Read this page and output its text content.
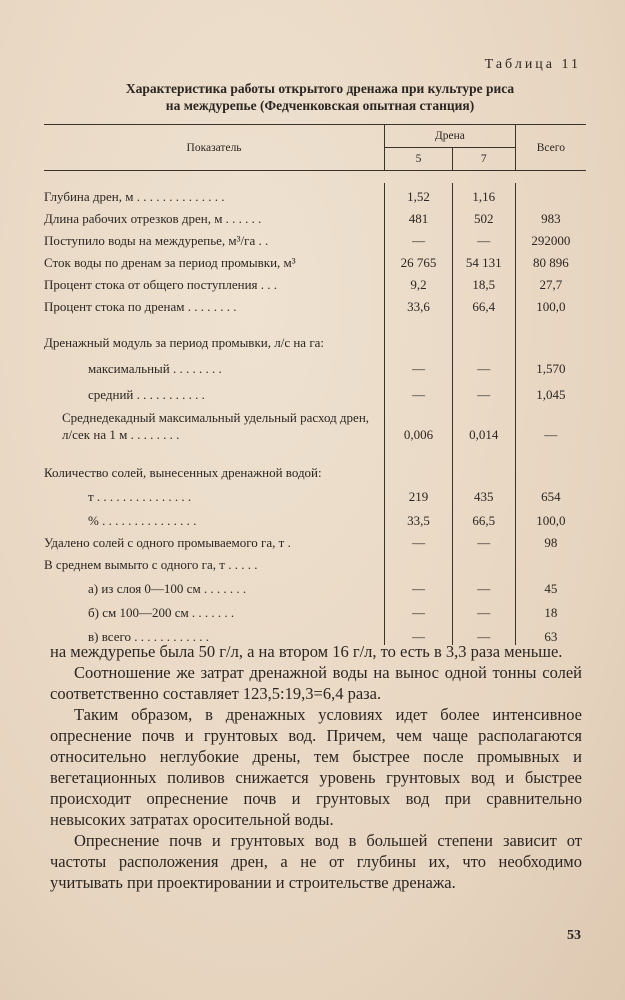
Таблица 11
Характеристика работы открытого дренажа при культуре риса
на междурепье (Федченковская опытная станция)
Показатель	Дрена		Всего
	5	7	

Глубина дрен, м . . . . . . . . . . . . . .	1,52	1,16	
Длина рабочих отрезков дрен, м . . . . . .	481	502	983
Поступило воды на междурепье, м³/га . .	—	—	292000
Сток воды по дренам за период промывки, м³	26 765	54 131	80 896
Процент стока от общего поступления . . .	9,2	18,5	27,7
Процент стока по дренам . . . . . . . .	33,6	66,4	100,0
Дренажный модуль за период промывки, л/с на га:			
максимальный . . . . . . . .	—	—	1,570
средний . . . . . . . . . . .	—	—	1,045
Среднедекадный максимальный удельный расход дрен, л/сек на 1 м . . . . . . . .	0,006	0,014	—
Количество солей, вынесенных дренажной водой:			
т . . . . . . . . . . . . . . .	219	435	654
% . . . . . . . . . . . . . . .	33,5	66,5	100,0
Удалено солей с одного промываемого га, т .	—	—	98
В среднем вымыто с одного га, т . . . . .			
а) из слоя 0—100 см . . . . . . .	—	—	45
б) см 100—200 см . . . . . . .	—	—	18
в) всего . . . . . . . . . . . .	—	—	63

на междурепье была 50 г/л, а на втором 16 г/л, то есть в 3,3 раза меньше.

Соотношение же затрат дренажной воды на вынос одной тонны солей соответственно составляет 123,5:19,3=6,4 раза.

Таким образом, в дренажных условиях идет более интенсивное опреснение почв и грунтовых вод. Причем, чем чаще располагаются относительно неглубокие дрены, тем быстрее после промывных и вегетационных поливов снижается уровень грунтовых вод и быстрее происходит опреснение почв и грунтовых вод при сравнительно невысоких затратах оросительной воды.

Опреснение почв и грунтовых вод в большей степени зависит от частоты расположения дрен, а не от глубины их, что необходимо учитывать при проектировании и строительстве дренажа.

53
